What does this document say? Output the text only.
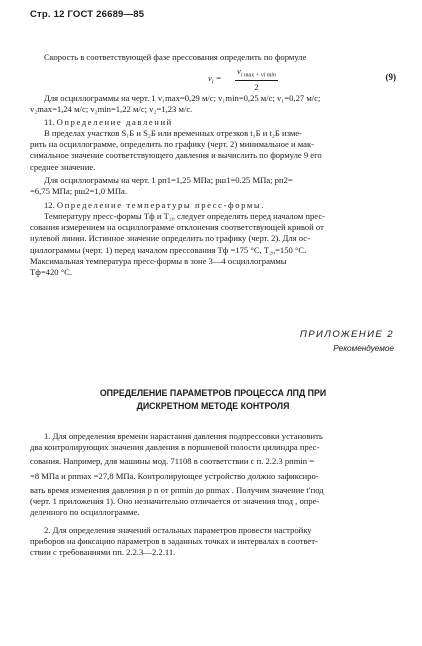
Стр. 12 ГОСТ 26689—85
Скорость в соответствующей фазе прессования определить по формуле
$v_i$ =
$v_{i max + vi min}$
2
(9)
Для осциллограммы на черт. 1 v₁max=0,29 м/с; v₁min=0,25 м/с; v₁=0,27 м/с;
v₂max=1,24 м/с; v₂min=1,22 м/с; v₂=1,23 м/с.
11. Определение давлений
В пределах участков S₁Б и S₂Б или временных отрезков t₁Б и t₂Б изме-
рить на осциллограмме, определить по графику (черт. 2) минимальное и мак-
симальное значение соответствующего давления и вычислить по формуле 9 его
среднее значение.
Для осциллограммы на черт. 1 pп1=1,25 МПа; pш1=0.25 МПа; pп2=
=6,75 МПа; pш2=1,0 МПа.
12. Определение температуры пресс-формы.
Температуру пресс-формы Tф и T₂₀ следует определять перед началом прес-
сования измерением на осциллограмме отклонения соответствующей кривой от
нулевой линии. Истинное значение определить по графику (черт. 2). Для ос-
циллограммы (черт. 1) перед началом прессования Tф =175 °С, T₂₀=150 °С.
Максимальная температура пресс-формы в зоне 3—4 осциллограммы
Tф=420 °С.
ПРИЛОЖЕНИЕ 2
Рекомендуемое
ОПРЕДЕЛЕНИЕ ПАРАМЕТРОВ ПРОЦЕССА ЛПД ПРИ
ДИСКРЕТНОМ МЕТОДЕ КОНТРОЛЯ
1. Для определения времени нарастания давления подпрессовки установить
два контролирующих значения давления в поршневой полости цилиндра прес-
сования. Например, для машины мод. 71108 в соответствии с п. 2.2.3 pпmin =
=8 МПа и pпmax =27,8 МПа. Контролирующее устройство должно зафиксиро-
вать время изменения давления p п от pпmin до pпmax . Получим значение t′под
(черт. 1 приложения 1). Оно незначительно отличается от значения tпод , опре-
деленного по осциллограмме.
2. Для определения значений остальных параметров провести настройку
приборов на фиксацию параметров в заданных точках и интервалах в соответ-
ствии с требованиями пп. 2.2.3—2.2.11.
